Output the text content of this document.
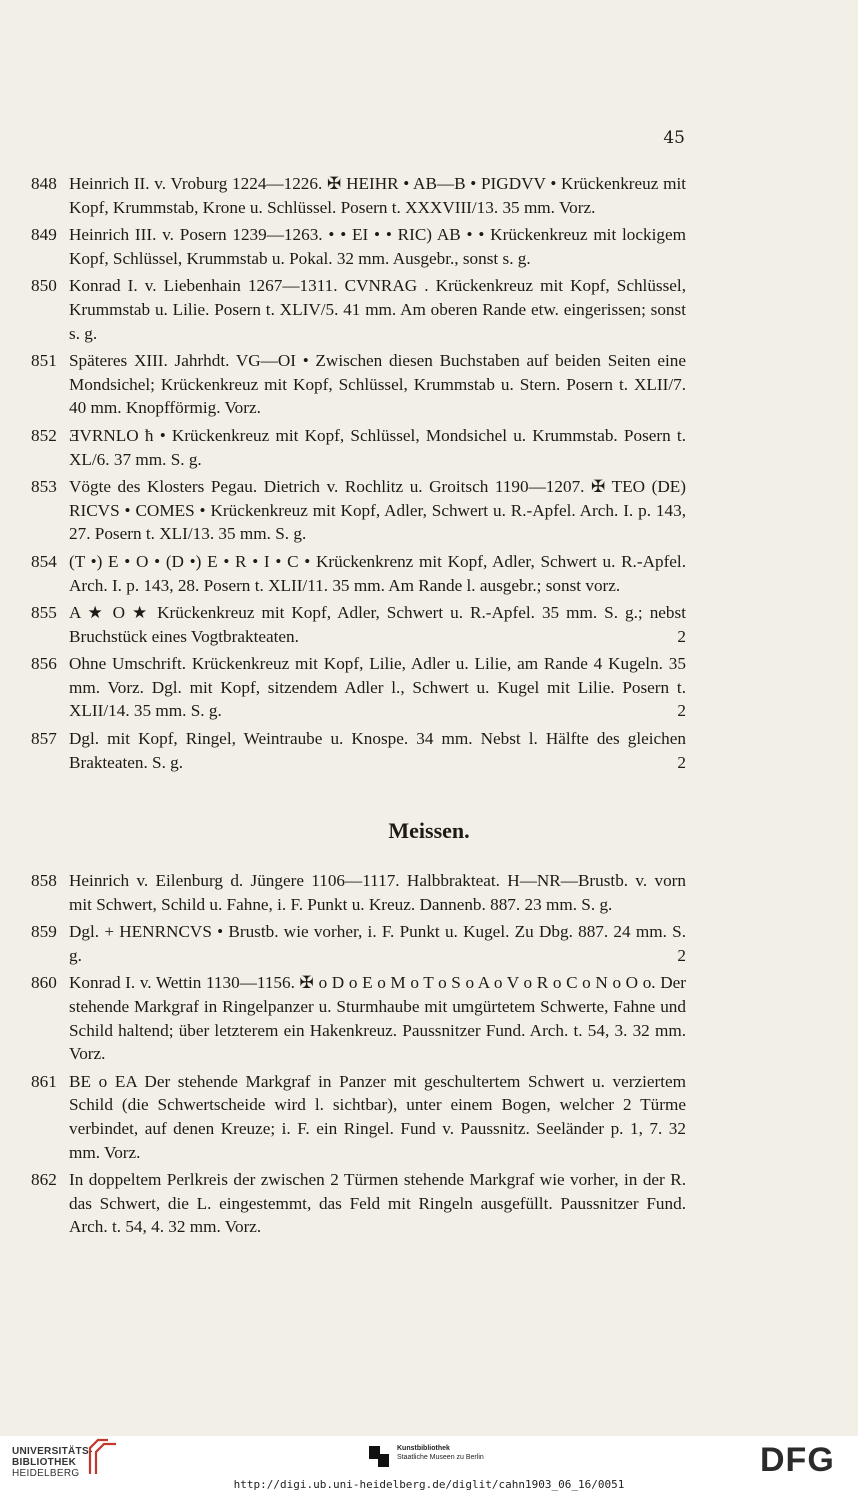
45
848 Heinrich II. v. Vroburg 1224—1226. ✠ HEIHR • AB—B • PIGDVV • Krückenkreuz mit Kopf, Krummstab, Krone u. Schlüssel. Posern t. XXXVIII/13. 35 mm. Vorz.
849 Heinrich III. v. Posern 1239—1263. • • EI • • RIC) AB • • Krückenkreuz mit lockigem Kopf, Schlüssel, Krummstab u. Pokal. 32 mm. Ausgebr., sonst s. g.
850 Konrad I. v. Liebenhain 1267—1311. CVNRAG . Krückenkreuz mit Kopf, Schlüssel, Krummstab u. Lilie. Posern t. XLIV/5. 41 mm. Am oberen Rande etw. eingerissen; sonst s. g.
851 Späteres XIII. Jahrhdt. VG—OI • Zwischen diesen Buchstaben auf beiden Seiten eine Mondsichel; Krückenkreuz mit Kopf, Schlüssel, Krummstab u. Stern. Posern t. XLII/7. 40 mm. Knopfförmig. Vorz.
852 ƎVRNLO ħ • Krückenkreuz mit Kopf, Schlüssel, Mondsichel u. Krummstab. Posern t. XL/6. 37 mm. S. g.
853 Vögte des Klosters Pegau. Dietrich v. Rochlitz u. Groitsch 1190—1207. ✠ TEO (DE) RICVS • COMES • Krückenkreuz mit Kopf, Adler, Schwert u. R.-Apfel. Arch. I. p. 143, 27. Posern t. XLI/13. 35 mm. S. g.
854 (T •) E • O • (D •) E • R • I • C • Krückenkrenz mit Kopf, Adler, Schwert u. R.-Apfel. Arch. I. p. 143, 28. Posern t. XLII/11. 35 mm. Am Rande l. ausgebr.; sonst vorz.
855 A ★ O ★ Krückenkreuz mit Kopf, Adler, Schwert u. R.-Apfel. 35 mm. S. g.; nebst Bruchstück eines Vogtbrakteaten.	2
856 Ohne Umschrift. Krückenkreuz mit Kopf, Lilie, Adler u. Lilie, am Rande 4 Kugeln. 35 mm. Vorz. Dgl. mit Kopf, sitzendem Adler l., Schwert u. Kugel mit Lilie. Posern t. XLII/14. 35 mm. S. g.	2
857 Dgl. mit Kopf, Ringel, Weintraube u. Knospe. 34 mm. Nebst l. Hälfte des gleichen Brakteaten. S. g.	2
Meissen.
858 Heinrich v. Eilenburg d. Jüngere 1106—1117. Halbbrakteat. H—NR—Brustb. v. vorn mit Schwert, Schild u. Fahne, i. F. Punkt u. Kreuz. Dannenb. 887. 23 mm. S. g.
859 Dgl. + HENRNCVS • Brustb. wie vorher, i. F. Punkt u. Kugel. Zu Dbg. 887. 24 mm. S. g.	2
860 Konrad I. v. Wettin 1130—1156. ✠ o D o E o M o T o S o A o V o R o C o N o O o. Der stehende Markgraf in Ringelpanzer u. Sturmhaube mit umgürtetem Schwerte, Fahne und Schild haltend; über letzterem ein Hakenkreuz. Paussnitzer Fund. Arch. t. 54, 3. 32 mm. Vorz.
861 BE o EA Der stehende Markgraf in Panzer mit geschultertem Schwert u. verziertem Schild (die Schwertscheide wird l. sichtbar), unter einem Bogen, welcher 2 Türme verbindet, auf denen Kreuze; i. F. ein Ringel. Fund v. Paussnitz. Seeländer p. 1, 7. 32 mm. Vorz.
862 In doppeltem Perlkreis der zwischen 2 Türmen stehende Markgraf wie vorher, in der R. das Schwert, die L. eingestemmt, das Feld mit Ringeln ausgefüllt. Paussnitzer Fund. Arch. t. 54, 4. 32 mm. Vorz.
UNIVERSITÄTS-
BIBLIOTHEK
HEIDELBERG
Kunstbibliothek
Staatliche Museen zu Berlin	DFG
http://digi.ub.uni-heidelberg.de/diglit/cahn1903_06_16/0051
